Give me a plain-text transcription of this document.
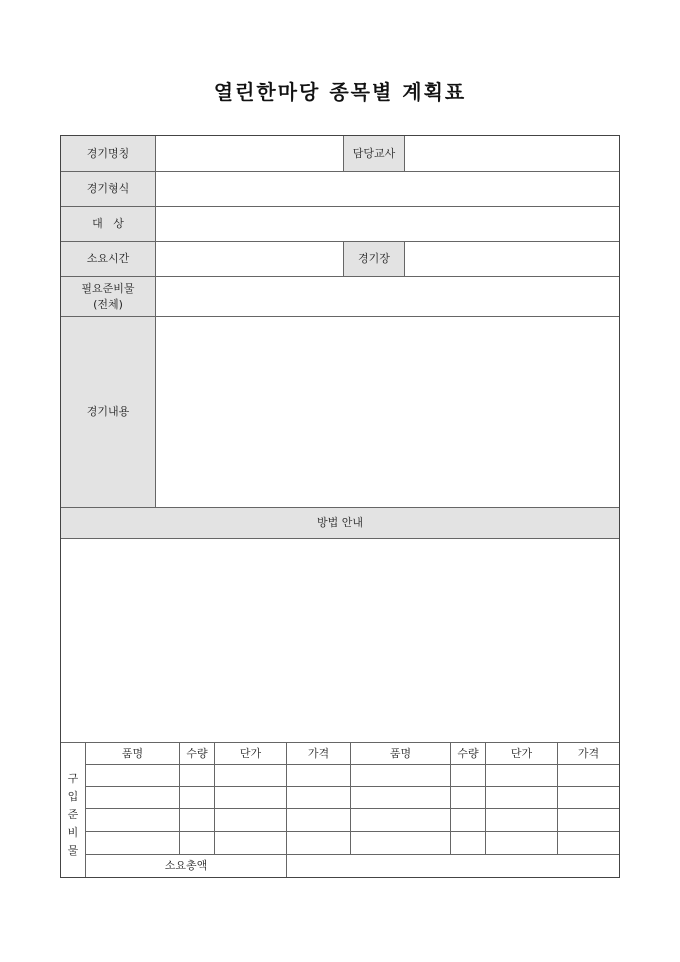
열린한마당 종목별 계획표
경기명칭	담당교사
경기형식
대   상
소요시간	경기장
필요준비물
(전체)
경기내용
방법 안내
구
입
준
비
물
품명	수량	단가	가격	품명	수량	단가	가격
소요총액
